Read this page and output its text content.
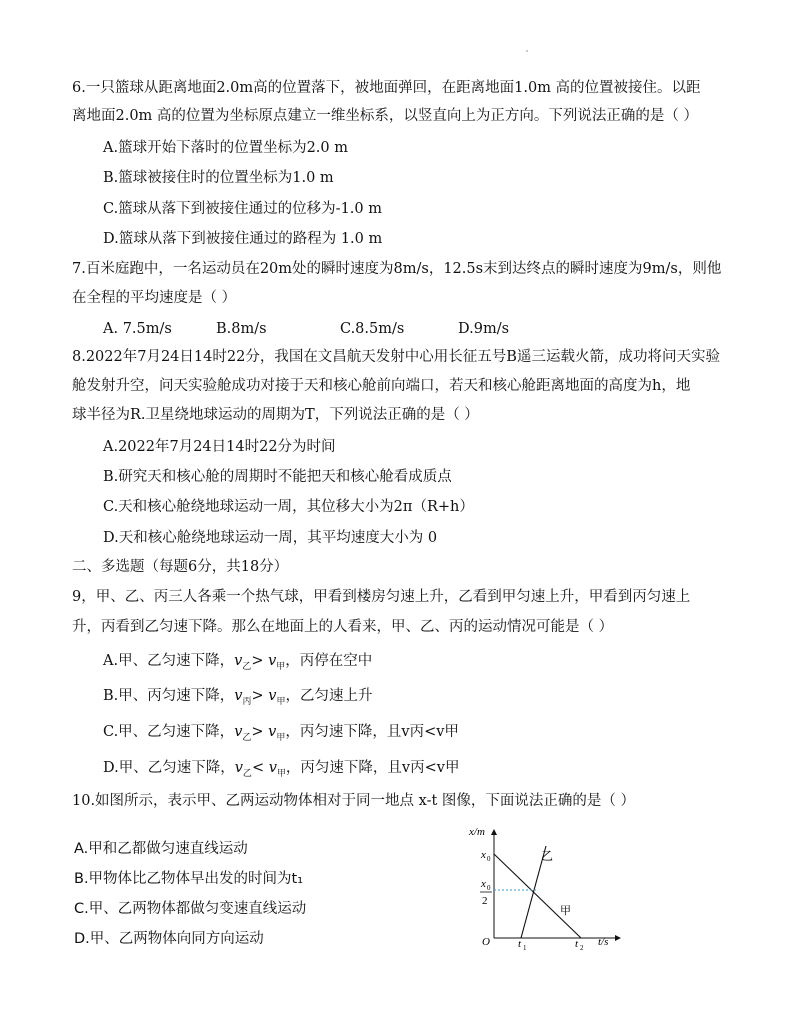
6.一只篮球从距离地面2.0m高的位置落下，被地面弹回，在距离地面1.0m 高的位置被接住。以距
离地面2.0m 高的位置为坐标原点建立一维坐标系，以竖直向上为正方向。下列说法正确的是（ ）
A.篮球开始下落时的位置坐标为2.0 m
B.篮球被接住时的位置坐标为1.0 m
C.篮球从落下到被接住通过的位移为-1.0 m
D.篮球从落下到被接住通过的路程为 1.0 m
7.百米庭跑中，一名运动员在20m处的瞬时速度为8m/s，12.5s末到达终点的瞬时速度为9m/s，则他
在全程的平均速度是（ ）
A. 7.5m/s	B.8m/s	C.8.5m/s	D.9m/s
8.2022年7月24日14时22分，我国在文昌航天发射中心用长征五号B遥三运载火箭，成功将问天实验
舱发射升空，问天实验舱成功对接于天和核心舱前向端口，若天和核心舱距离地面的高度为h，地
球半径为R.卫星绕地球运动的周期为T，下列说法正确的是（ ）
A.2022年7月24日14时22分为时间
B.研究天和核心舱的周期时不能把天和核心舱看成质点
C.天和核心舱绕地球运动一周，其位移大小为2π（R+h）
D.天和核心舱绕地球运动一周，其平均速度大小为 0
二、多选题（每题6分，共18分）
9，甲、乙、丙三人各乘一个热气球，甲看到楼房匀速上升，乙看到甲匀速上升，甲看到丙匀速上
升，丙看到乙匀速下降。那么在地面上的人看来，甲、乙、丙的运动情况可能是（ ）
A.甲、乙匀速下降，$v_乙> v_甲$，丙停在空中
B.甲、丙匀速下降，$v_丙> v_甲$，乙匀速上升
C.甲、乙匀速下降，$v_乙> v_甲$，丙匀速下降，且v丙<v甲
D.甲、乙匀速下降，$v_乙< v_甲$，丙匀速下降，且v丙<v甲
10.如图所示，表示甲、乙两运动物体相对于同一地点 x-t 图像，下面说法正确的是（ ）
A.甲和乙都做匀速直线运动
B.甲物体比乙物体早出发的时间为t₁
C.甲、乙两物体都做匀变速直线运动
D.甲、乙两物体向同方向运动
x/m
t/s
O
x 0
x 0
2
t 1	t 2
乙
甲
